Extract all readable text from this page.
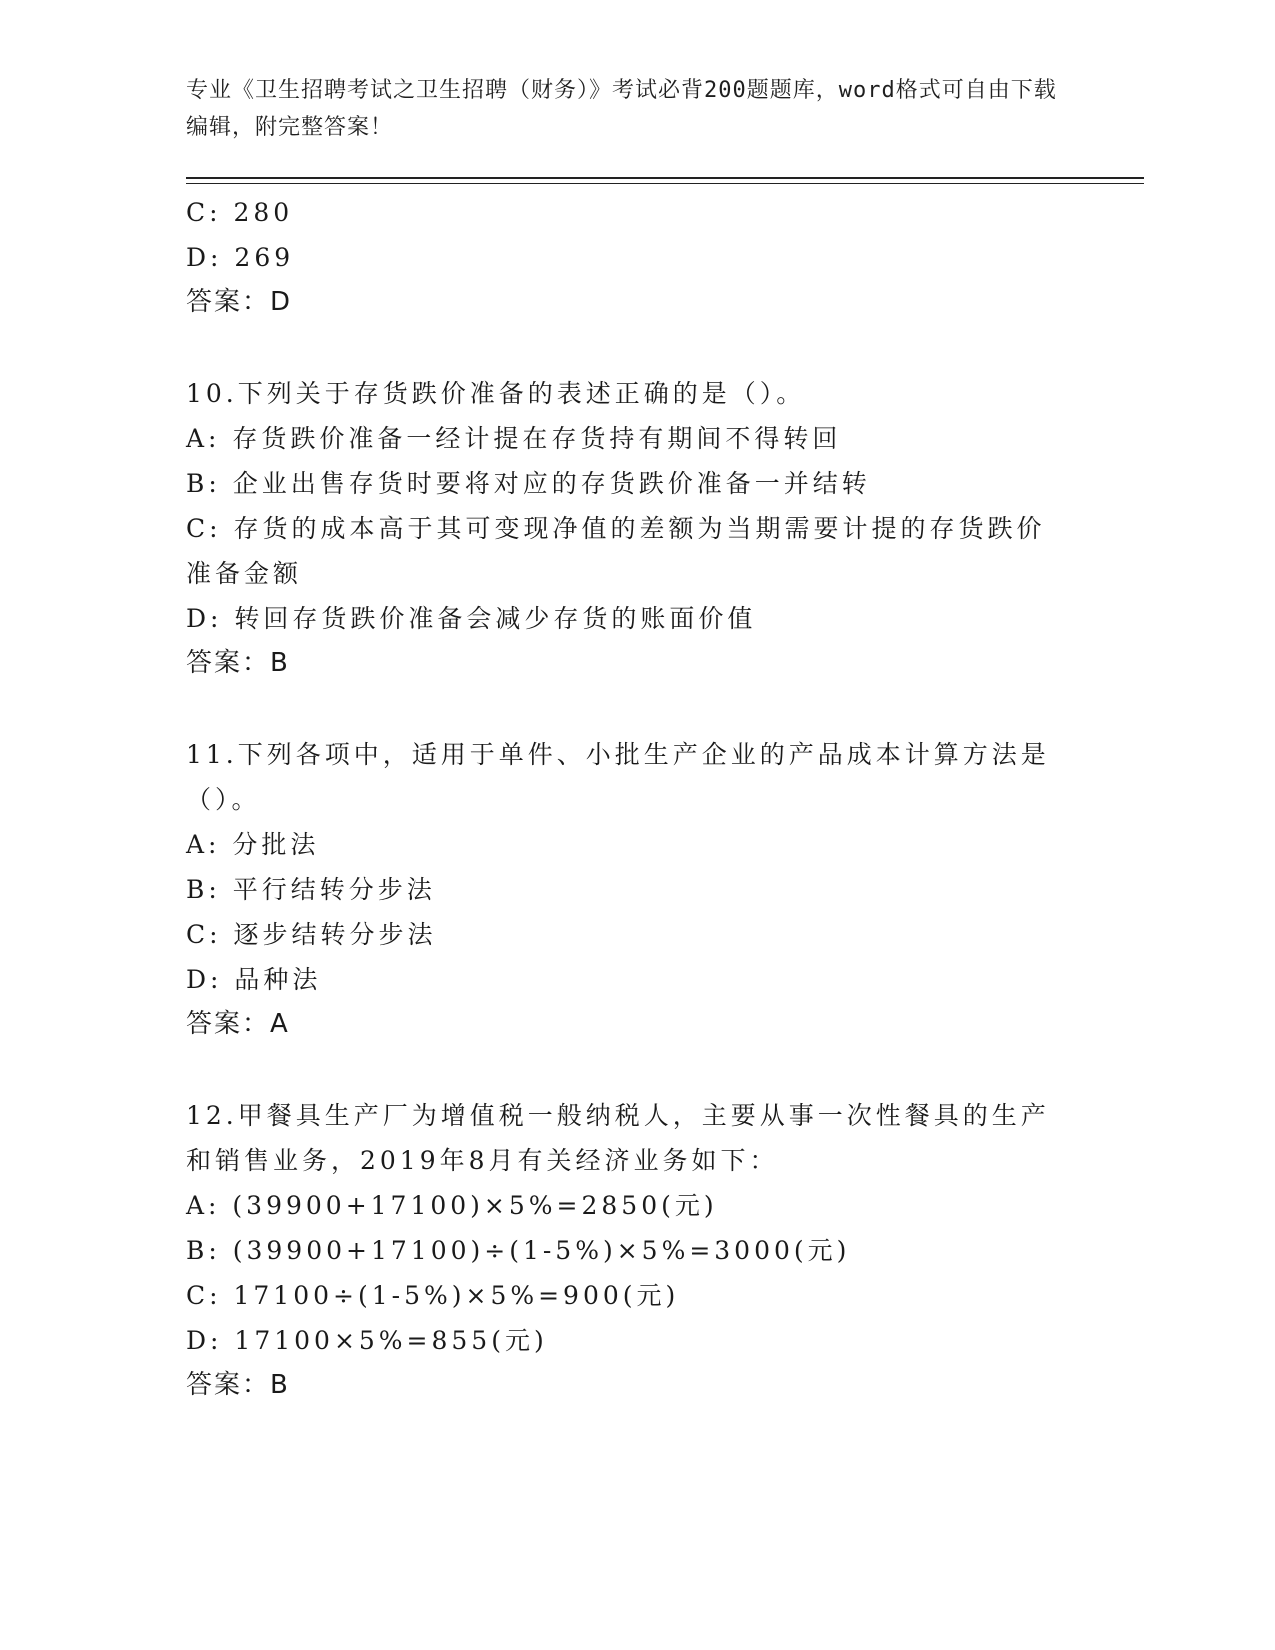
专业《卫生招聘考试之卫生招聘（财务）》考试必背200题题库，word格式可自由下载编辑，附完整答案！
C: 280
D: 269
答案：D
10.下列关于存货跌价准备的表述正确的是（）。
A: 存货跌价准备一经计提在存货持有期间不得转回
B: 企业出售存货时要将对应的存货跌价准备一并结转
C: 存货的成本高于其可变现净值的差额为当期需要计提的存货跌价准备金额
D: 转回存货跌价准备会减少存货的账面价值
答案：B
11.下列各项中，适用于单件、小批生产企业的产品成本计算方法是（）。
A: 分批法
B: 平行结转分步法
C: 逐步结转分步法
D: 品种法
答案：A
12.甲餐具生产厂为增值税一般纳税人，主要从事一次性餐具的生产和销售业务，2019年8月有关经济业务如下：
A: (39900+17100)×5%=2850(元)
B: (39900+17100)÷(1-5%)×5%=3000(元)
C: 17100÷(1-5%)×5%=900(元)
D: 17100×5%=855(元)
答案：B
